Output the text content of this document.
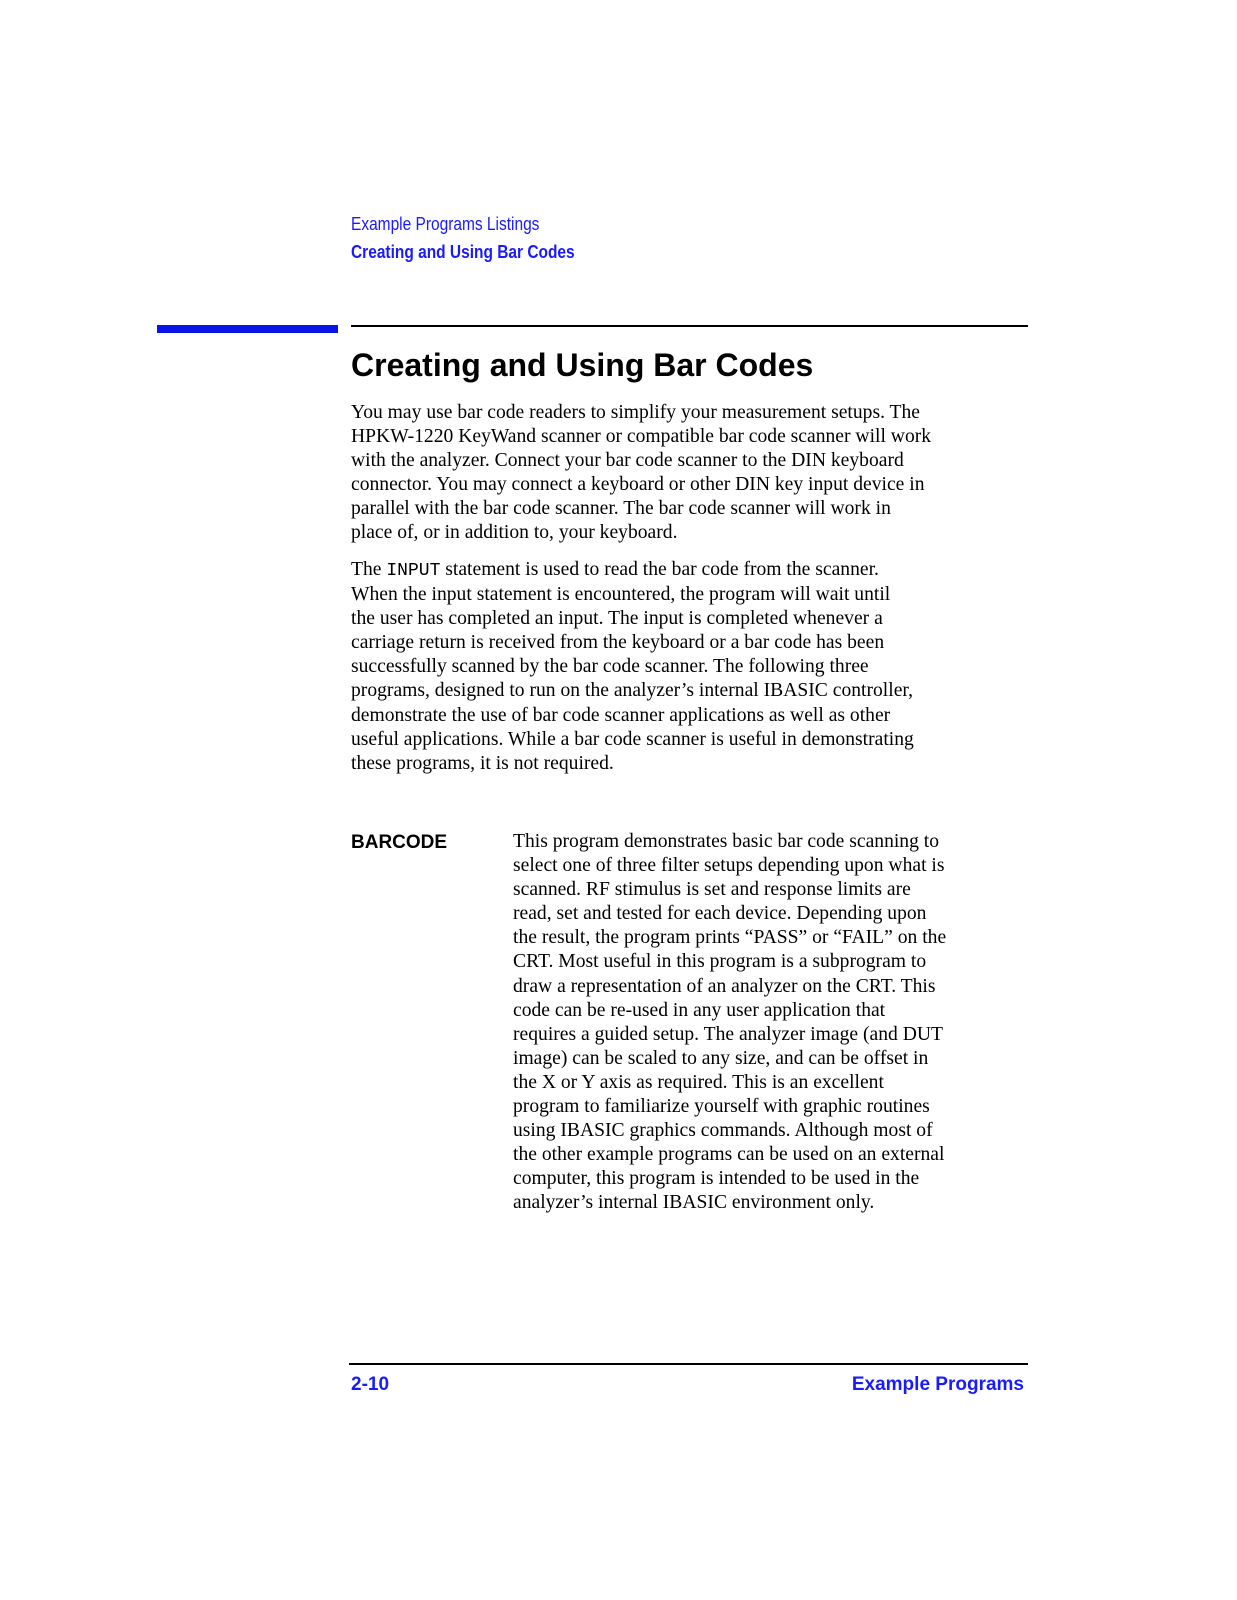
Example Programs Listings
Creating and Using Bar Codes
Creating and Using Bar Codes

You may use bar code readers to simplify your measurement setups. The
HPKW-1220 KeyWand scanner or compatible bar code scanner will work
with the analyzer. Connect your bar code scanner to the DIN keyboard
connector. You may connect a keyboard or other DIN key input device in
parallel with the bar code scanner. The bar code scanner will work in
place of, or in addition to, your keyboard.

The INPUT statement is used to read the bar code from the scanner.
When the input statement is encountered, the program will wait until
the user has completed an input. The input is completed whenever a
carriage return is received from the keyboard or a bar code has been
successfully scanned by the bar code scanner. The following three
programs, designed to run on the analyzer’s internal IBASIC controller,
demonstrate the use of bar code scanner applications as well as other
useful applications. While a bar code scanner is useful in demonstrating
these programs, it is not required.

BARCODE	This program demonstrates basic bar code scanning to
select one of three filter setups depending upon what is
scanned. RF stimulus is set and response limits are
read, set and tested for each device. Depending upon
the result, the program prints “PASS” or “FAIL” on the
CRT. Most useful in this program is a subprogram to
draw a representation of an analyzer on the CRT. This
code can be re-used in any user application that
requires a guided setup. The analyzer image (and DUT
image) can be scaled to any size, and can be offset in
the X or Y axis as required. This is an excellent
program to familiarize yourself with graphic routines
using IBASIC graphics commands. Although most of
the other example programs can be used on an external
computer, this program is intended to be used in the
analyzer’s internal IBASIC environment only.

2-10	Example Programs
